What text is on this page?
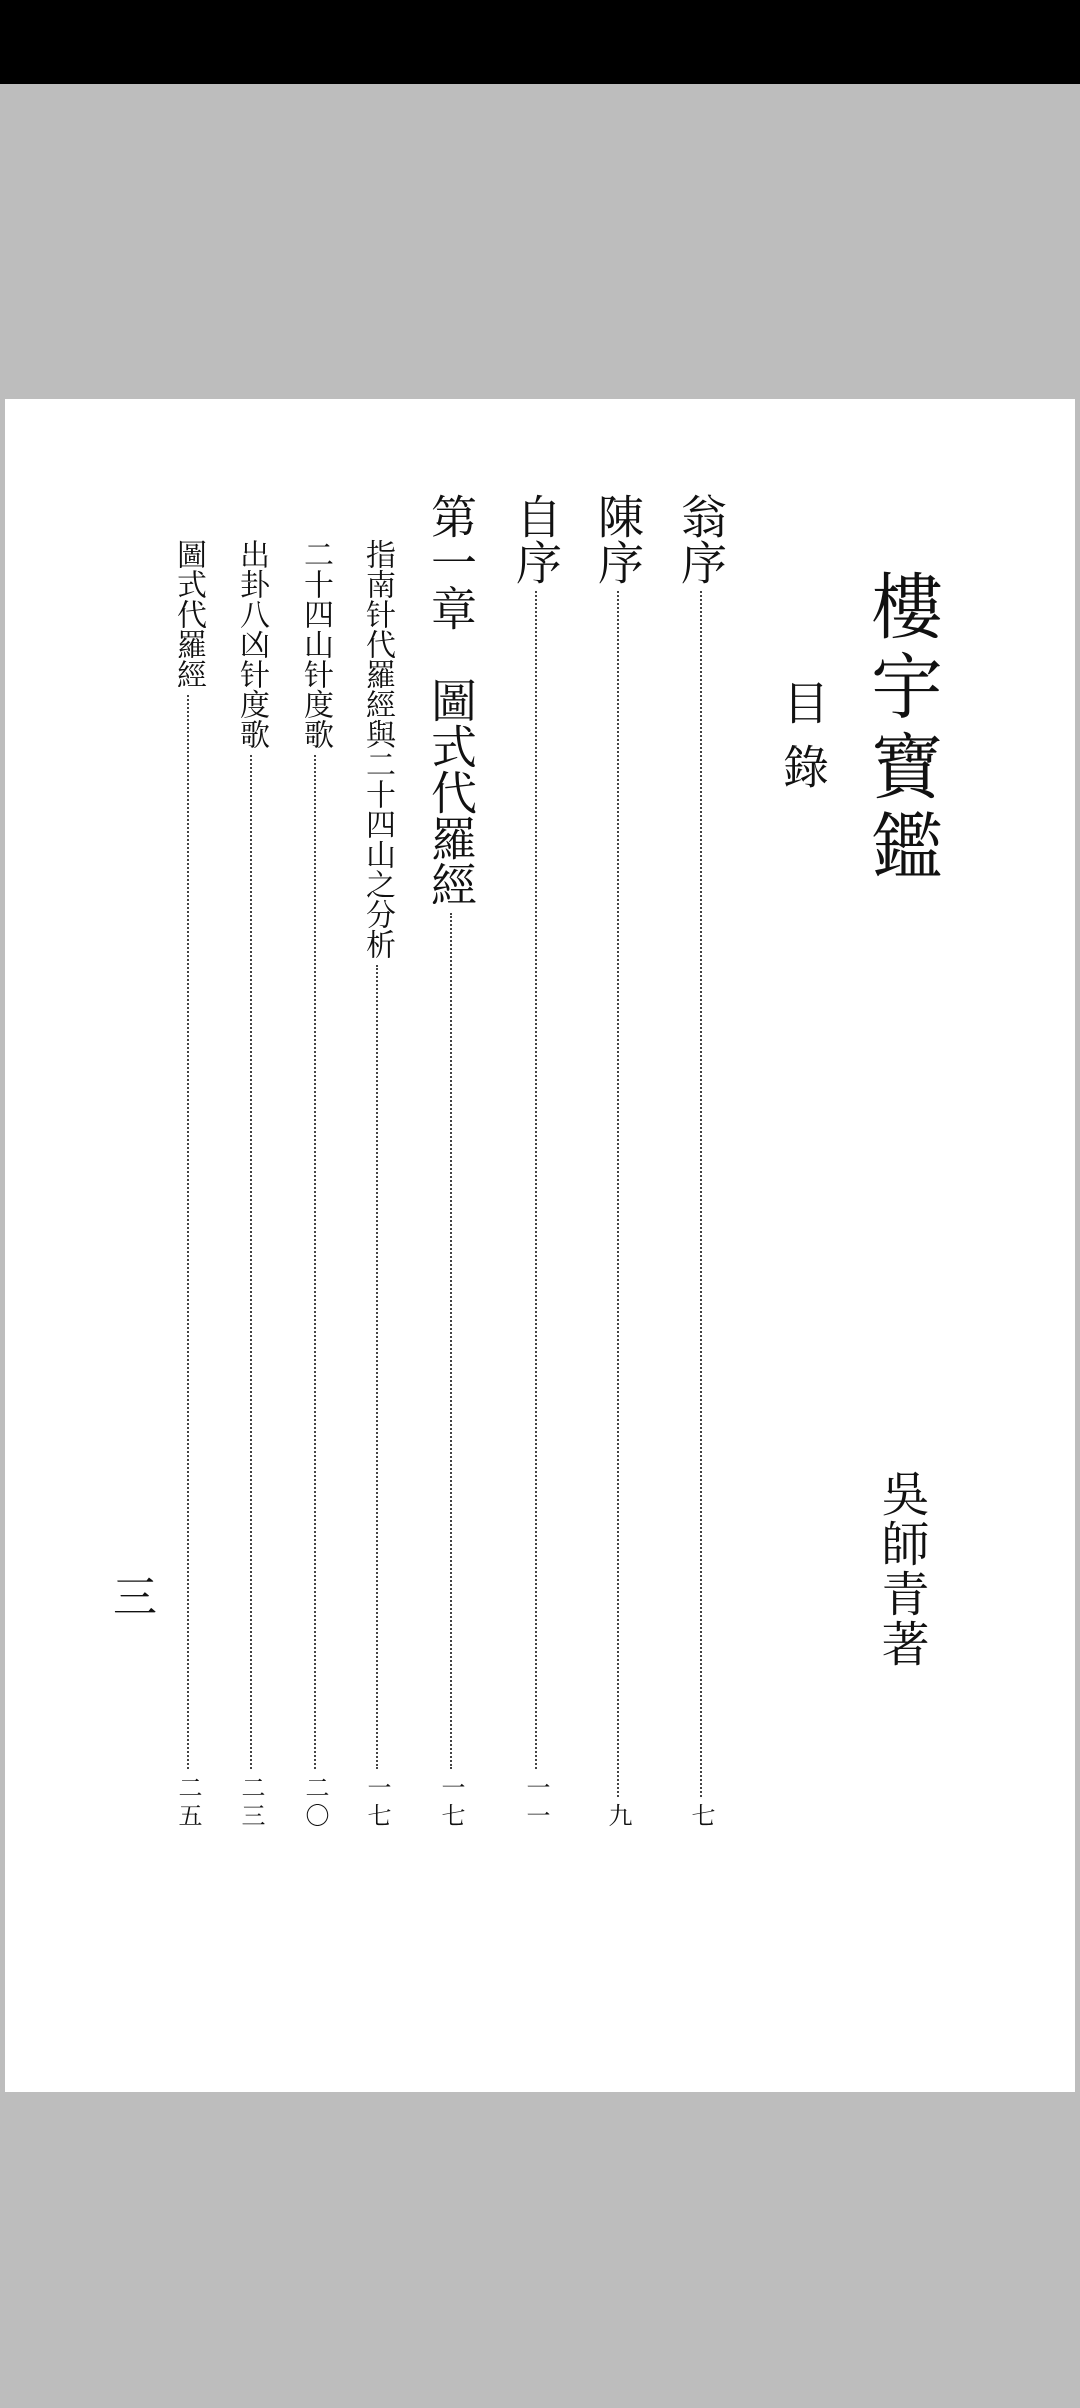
樓宇寶鑑
吳師青著
目錄
翁序
七
陳序
九
自序
一一
第一章　圖式代羅經
一七
指南针代羅經與二十四山之分析
一七
二十四山针度歌
二〇
出卦八凶针度歌
二三
圖式代羅經
二五
三
